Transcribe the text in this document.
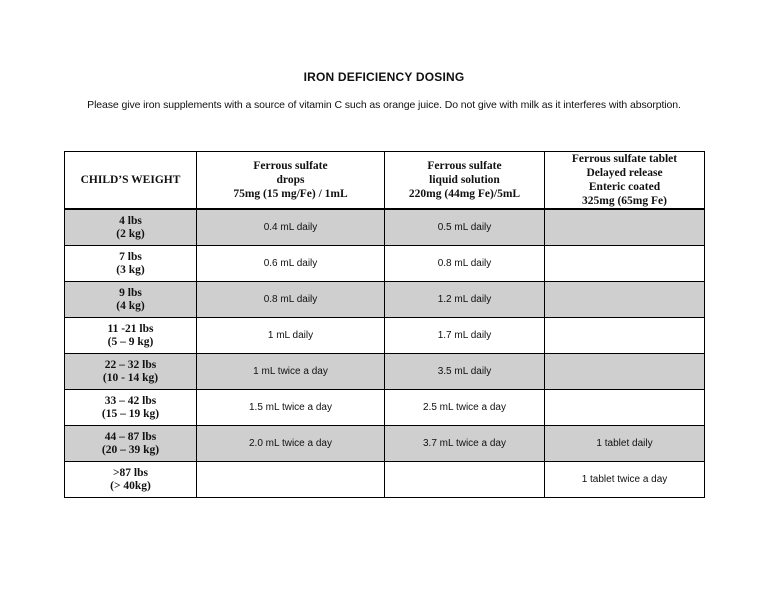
IRON DEFICIENCY DOSING
Please give iron supplements with a source of vitamin C such as orange juice. Do not give with milk as it interferes with absorption.
CHILD’S WEIGHT	Ferrous sulfate
drops
75mg (15 mg/Fe) / 1mL	Ferrous sulfate
liquid solution
220mg (44mg Fe)/5mL	Ferrous sulfate tablet
Delayed release
Enteric coated
325mg (65mg Fe)

4 lbs
(2 kg)	0.4 mL daily	0.5 mL daily	

7 lbs
(3 kg)	0.6 mL daily	0.8 mL daily	

9 lbs
(4 kg)	0.8 mL daily	1.2 mL daily	

11 -21 lbs
(5 – 9 kg)	1 mL daily	1.7 mL daily	

22 – 32 lbs
(10 - 14 kg)	1 mL twice a day	3.5 mL daily	

33 – 42 lbs
(15 – 19 kg)	1.5 mL twice a day	2.5 mL twice a day	

44 – 87 lbs
(20 – 39 kg)	2.0 mL twice a day	3.7 mL twice a day	1 tablet daily

>87 lbs
(> 40kg)			1 tablet twice a day
